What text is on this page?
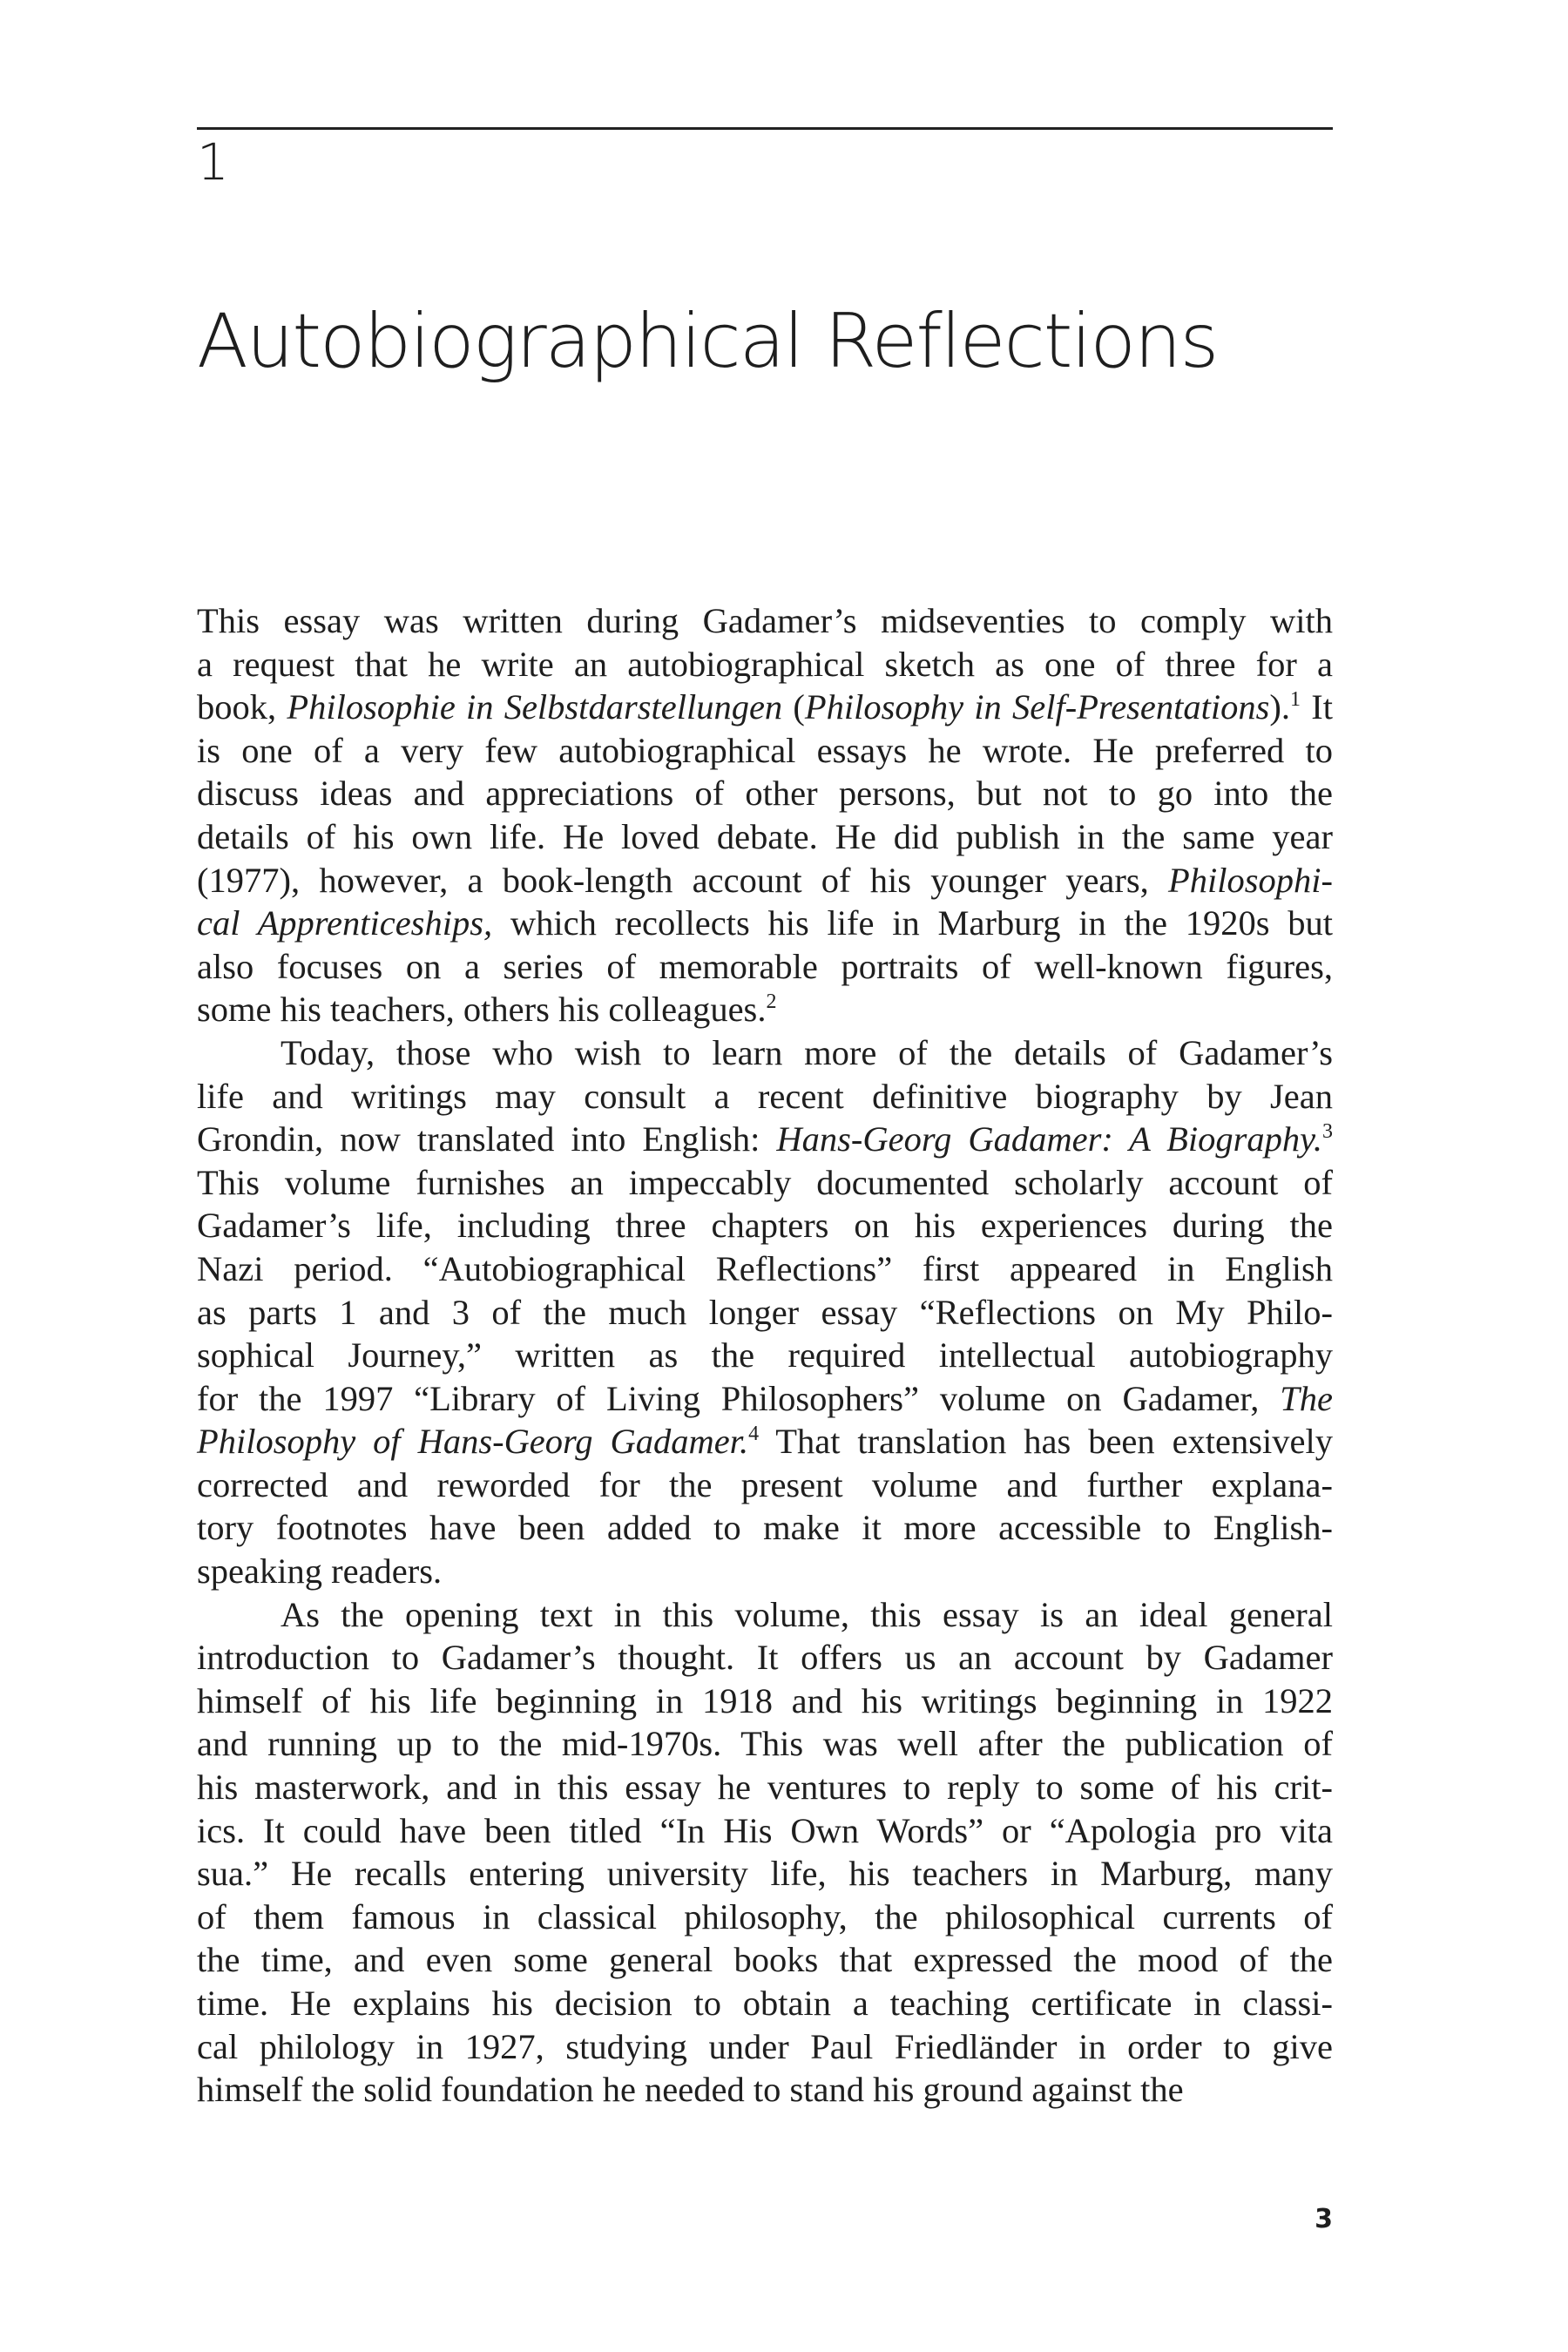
1
Autobiographical Reflections
This essay was written during Gadamer’s midseventies to comply with
a request that he write an autobiographical sketch as one of three for a
book, Philosophie in Selbstdarstellungen (Philosophy in Self-Presentations).$^1$ It
is one of a very few autobiographical essays he wrote. He preferred to
discuss ideas and appreciations of other persons, but not to go into the
details of his own life. He loved debate. He did publish in the same year
(1977), however, a book-length account of his younger years, Philosophi-
cal Apprenticeships, which recollects his life in Marburg in the 1920s but
also focuses on a series of memorable portraits of well-known figures,
some his teachers, others his colleagues.$^2$
Today, those who wish to learn more of the details of Gadamer’s
life and writings may consult a recent definitive biography by Jean
Grondin, now translated into English: Hans-Georg Gadamer: A Biography.$^3$
This volume furnishes an impeccably documented scholarly account of
Gadamer’s life, including three chapters on his experiences during the
Nazi period. “Autobiographical Reflections” first appeared in English
as parts 1 and 3 of the much longer essay “Reflections on My Philo-
sophical Journey,” written as the required intellectual autobiography
for the 1997 “Library of Living Philosophers” volume on Gadamer, The
Philosophy of Hans-Georg Gadamer.$^4$ That translation has been extensively
corrected and reworded for the present volume and further explana-
tory footnotes have been added to make it more accessible to English-
speaking readers.
As the opening text in this volume, this essay is an ideal general
introduction to Gadamer’s thought. It offers us an account by Gadamer
himself of his life beginning in 1918 and his writings beginning in 1922
and running up to the mid-1970s. This was well after the publication of
his masterwork, and in this essay he ventures to reply to some of his crit-
ics. It could have been titled “In His Own Words” or “Apologia pro vita
sua.” He recalls entering university life, his teachers in Marburg, many
of them famous in classical philosophy, the philosophical currents of
the time, and even some general books that expressed the mood of the
time. He explains his decision to obtain a teaching certificate in classi-
cal philology in 1927, studying under Paul Friedländer in order to give
himself the solid foundation he needed to stand his ground against the
3
